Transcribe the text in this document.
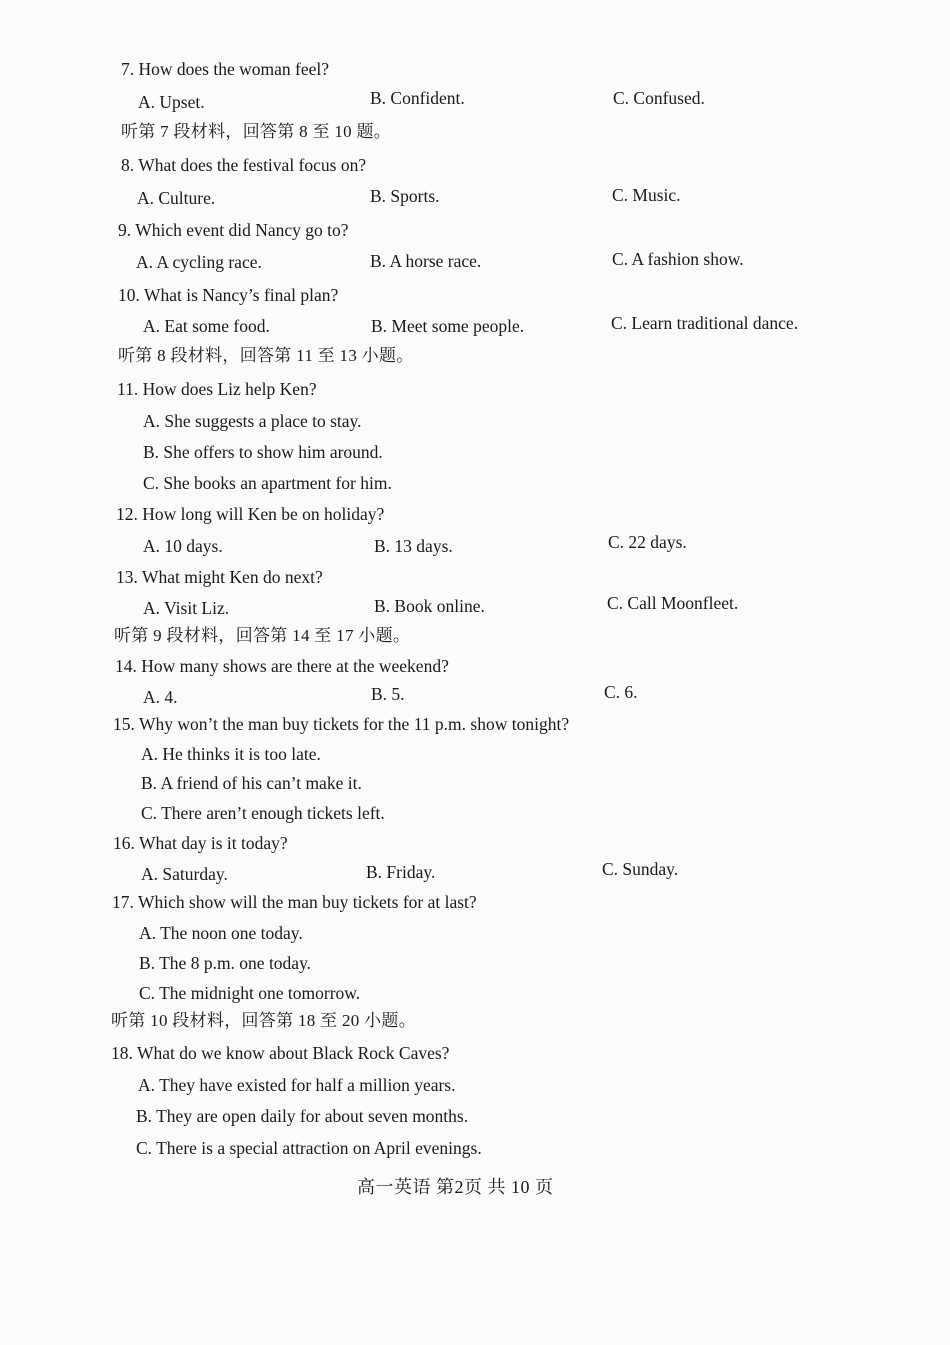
7. How does the woman feel?
A. Upset.	B. Confident.	C. Confused.
听第 7 段材料，回答第 8 至 10 题。
8. What does the festival focus on?
A. Culture.	B. Sports.	C. Music.
9. Which event did Nancy go to?
A. A cycling race.	B. A horse race.	C. A fashion show.
10. What is Nancy’s final plan?
A. Eat some food.	B. Meet some people.	C. Learn traditional dance.
听第 8 段材料，回答第 11 至 13 小题。
11. How does Liz help Ken?
A. She suggests a place to stay.
B. She offers to show him around.
C. She books an apartment for him.
12. How long will Ken be on holiday?
A. 10 days.	B. 13 days.	C. 22 days.
13. What might Ken do next?
A. Visit Liz.	B. Book online.	C. Call Moonfleet.
听第 9 段材料，回答第 14 至 17 小题。
14. How many shows are there at the weekend?
A. 4.	B. 5.	C. 6.
15. Why won’t the man buy tickets for the 11 p.m. show tonight?
A. He thinks it is too late.
B. A friend of his can’t make it.
C. There aren’t enough tickets left.
16. What day is it today?
A. Saturday.	B. Friday.	C. Sunday.
17. Which show will the man buy tickets for at last?
A. The noon one today.
B. The 8 p.m. one today.
C. The midnight one tomorrow.
听第 10 段材料，回答第 18 至 20 小题。
18. What do we know about Black Rock Caves?
A. They have existed for half a million years.
B. They are open daily for about seven months.
C. There is a special attraction on April evenings.
高一英语 第2页 共 10 页
